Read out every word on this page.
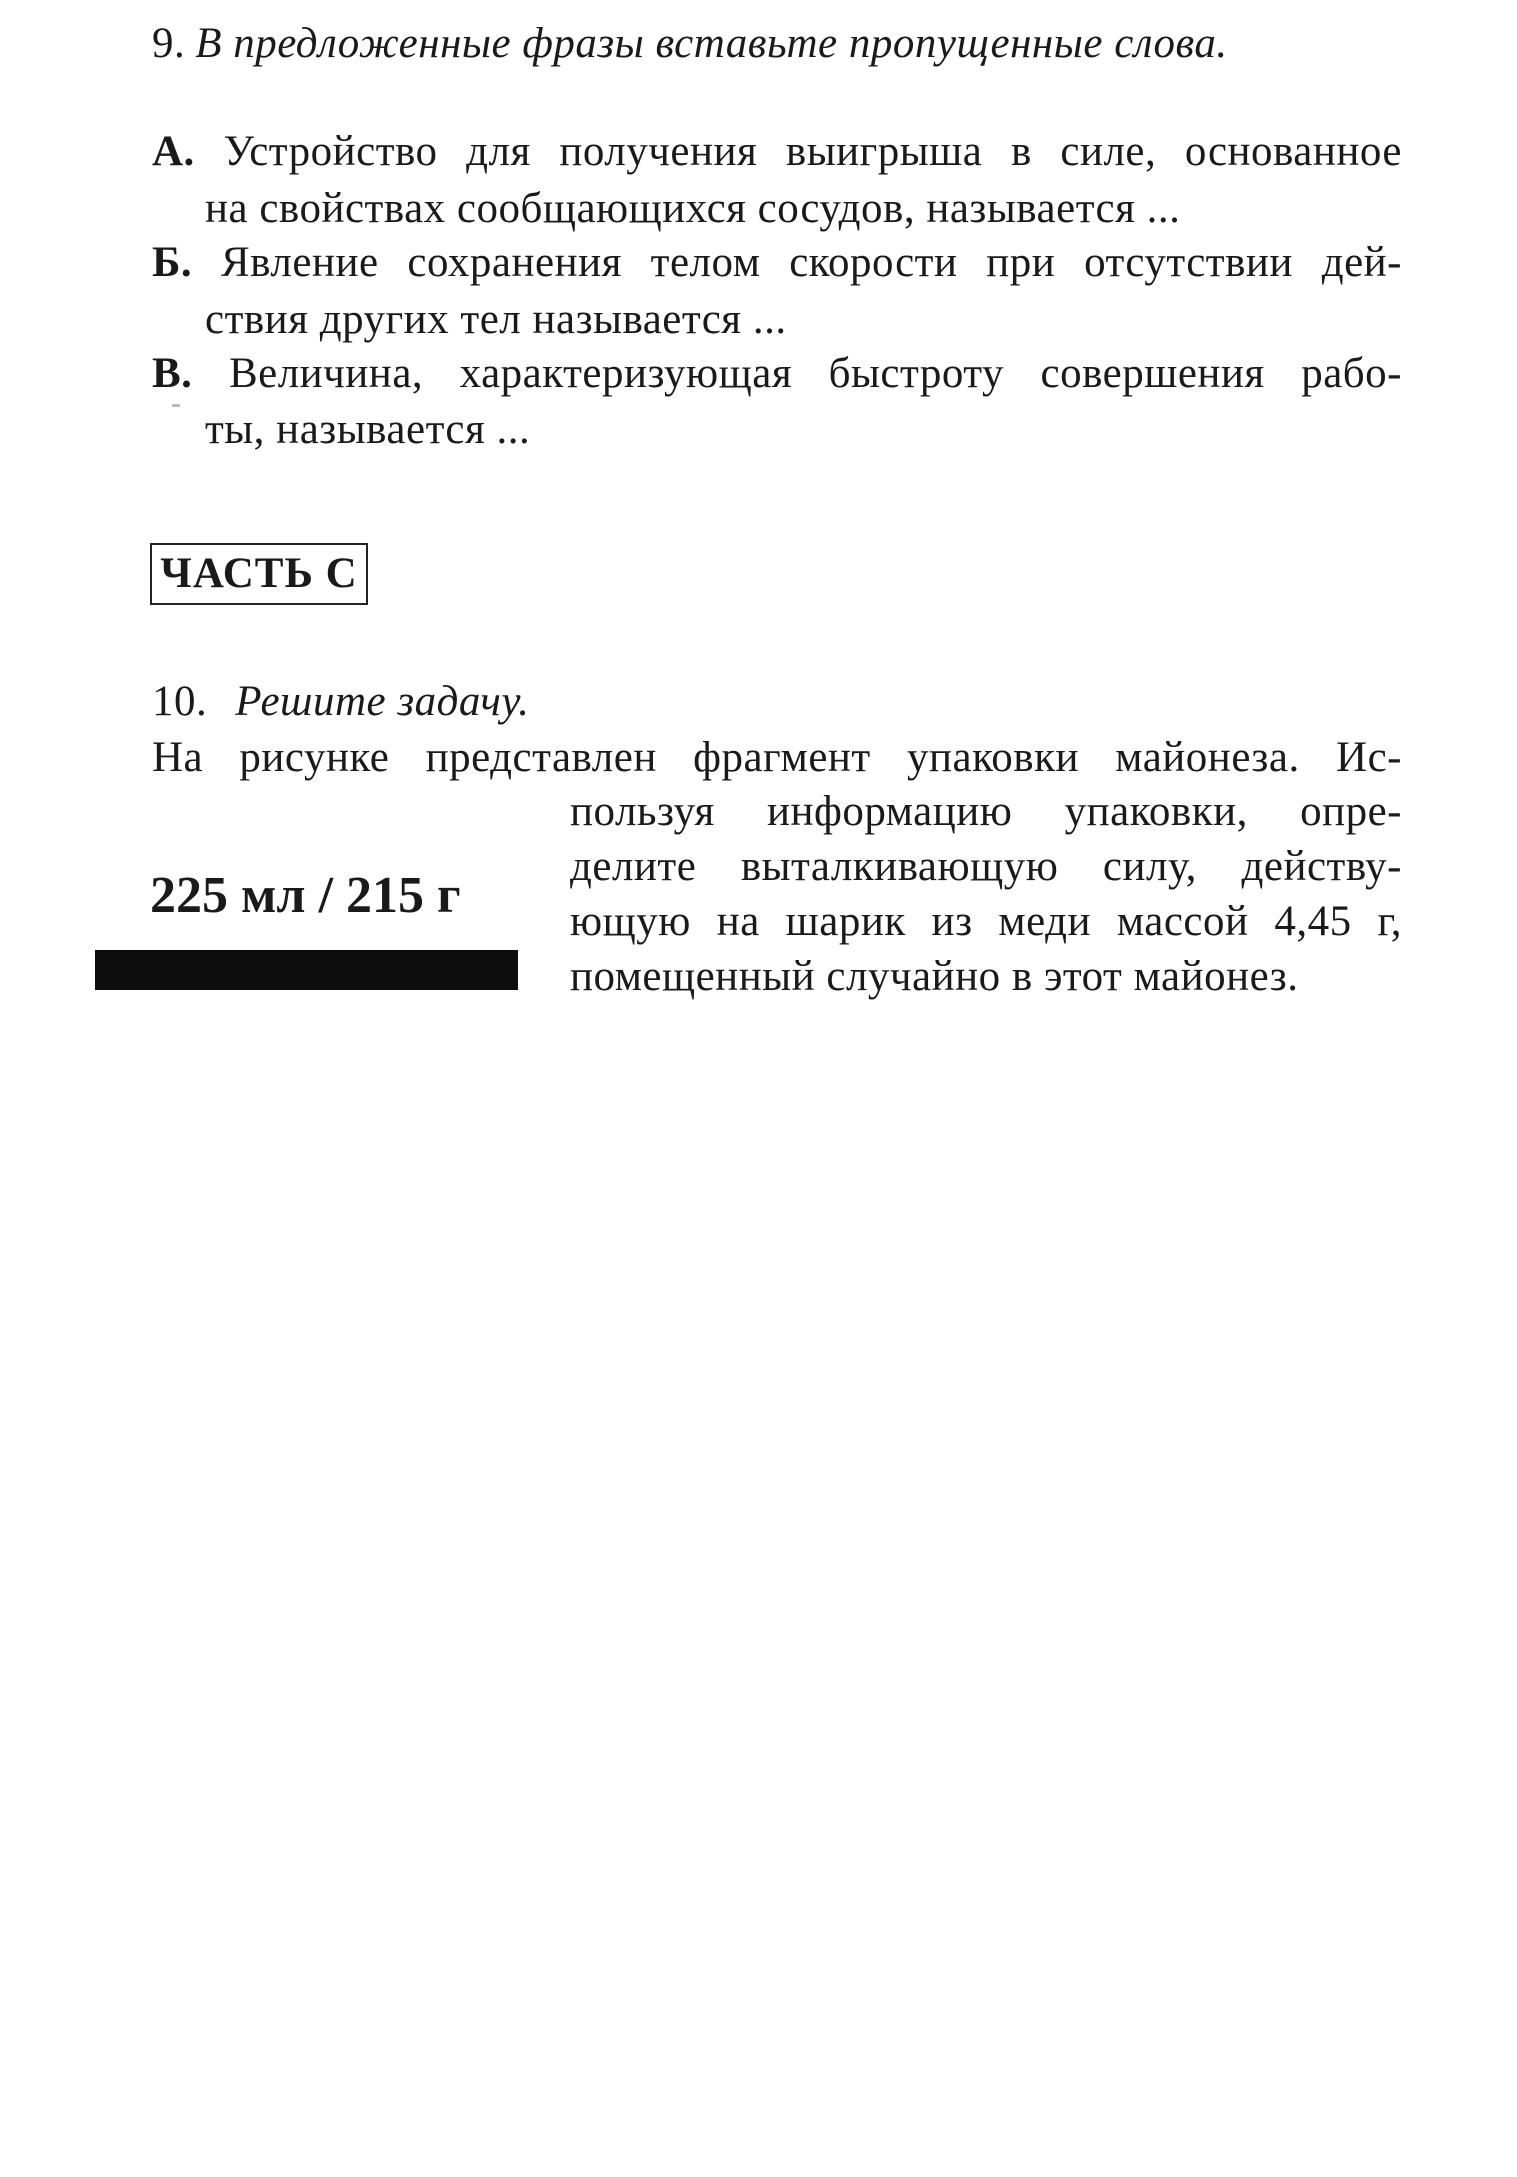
9. В предложенные фразы вставьте пропущенные слова.
А. Устройство для получения выигрыша в силе, основанное
на свойствах сообщающихся сосудов, называется ...
Б. Явление сохранения телом скорости при отсутствии дей-
ствия других тел называется ...
В. Величина, характеризующая быстроту совершения рабо-
ты, называется ...
ЧАСТЬ С
10. Решите задачу.
На рисунке представлен фрагмент упаковки майонеза. Ис-
пользуя информацию упаковки, опре-
делите выталкивающую силу, действу-
ющую на шарик из меди массой 4,45 г,
помещенный случайно в этот майонез.
225 мл / 215 г
